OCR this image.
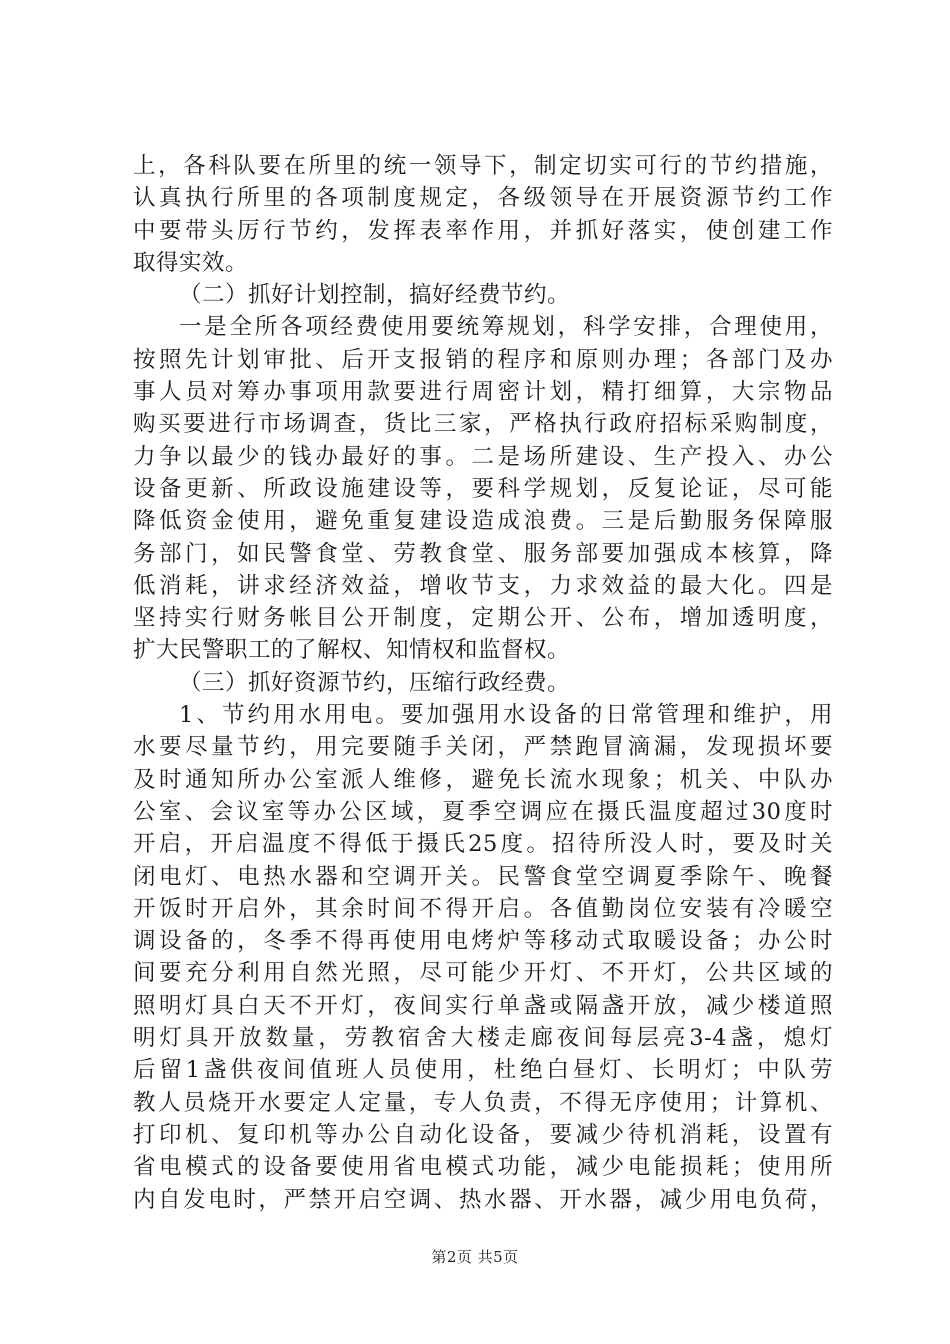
上，各科队要在所里的统一领导下，制定切实可行的节约措施，
认真执行所里的各项制度规定，各级领导在开展资源节约工作
中要带头厉行节约，发挥表率作用，并抓好落实，使创建工作
取得实效。
（二）抓好计划控制，搞好经费节约。
一是全所各项经费使用要统筹规划，科学安排，合理使用，
按照先计划审批、后开支报销的程序和原则办理；各部门及办
事人员对筹办事项用款要进行周密计划，精打细算，大宗物品
购买要进行市场调查，货比三家，严格执行政府招标采购制度，
力争以最少的钱办最好的事。二是场所建设、生产投入、办公
设备更新、所政设施建设等，要科学规划，反复论证，尽可能
降低资金使用，避免重复建设造成浪费。三是后勤服务保障服
务部门，如民警食堂、劳教食堂、服务部要加强成本核算，降
低消耗，讲求经济效益，增收节支，力求效益的最大化。四是
坚持实行财务帐目公开制度，定期公开、公布，增加透明度，
扩大民警职工的了解权、知情权和监督权。
（三）抓好资源节约，压缩行政经费。
1、节约用水用电。要加强用水设备的日常管理和维护，用
水要尽量节约，用完要随手关闭，严禁跑冒滴漏，发现损坏要
及时通知所办公室派人维修，避免长流水现象；机关、中队办
公室、会议室等办公区域，夏季空调应在摄氏温度超过30度时
开启，开启温度不得低于摄氏25度。招待所没人时，要及时关
闭电灯、电热水器和空调开关。民警食堂空调夏季除午、晚餐
开饭时开启外，其余时间不得开启。各值勤岗位安装有冷暖空
调设备的，冬季不得再使用电烤炉等移动式取暖设备；办公时
间要充分利用自然光照，尽可能少开灯、不开灯，公共区域的
照明灯具白天不开灯，夜间实行单盏或隔盏开放，减少楼道照
明灯具开放数量，劳教宿舍大楼走廊夜间每层亮3-4盏，熄灯
后留1盏供夜间值班人员使用，杜绝白昼灯、长明灯；中队劳
教人员烧开水要定人定量，专人负责，不得无序使用；计算机、
打印机、复印机等办公自动化设备，要减少待机消耗，设置有
省电模式的设备要使用省电模式功能，减少电能损耗；使用所
内自发电时，严禁开启空调、热水器、开水器，减少用电负荷，
第2页 共5页
